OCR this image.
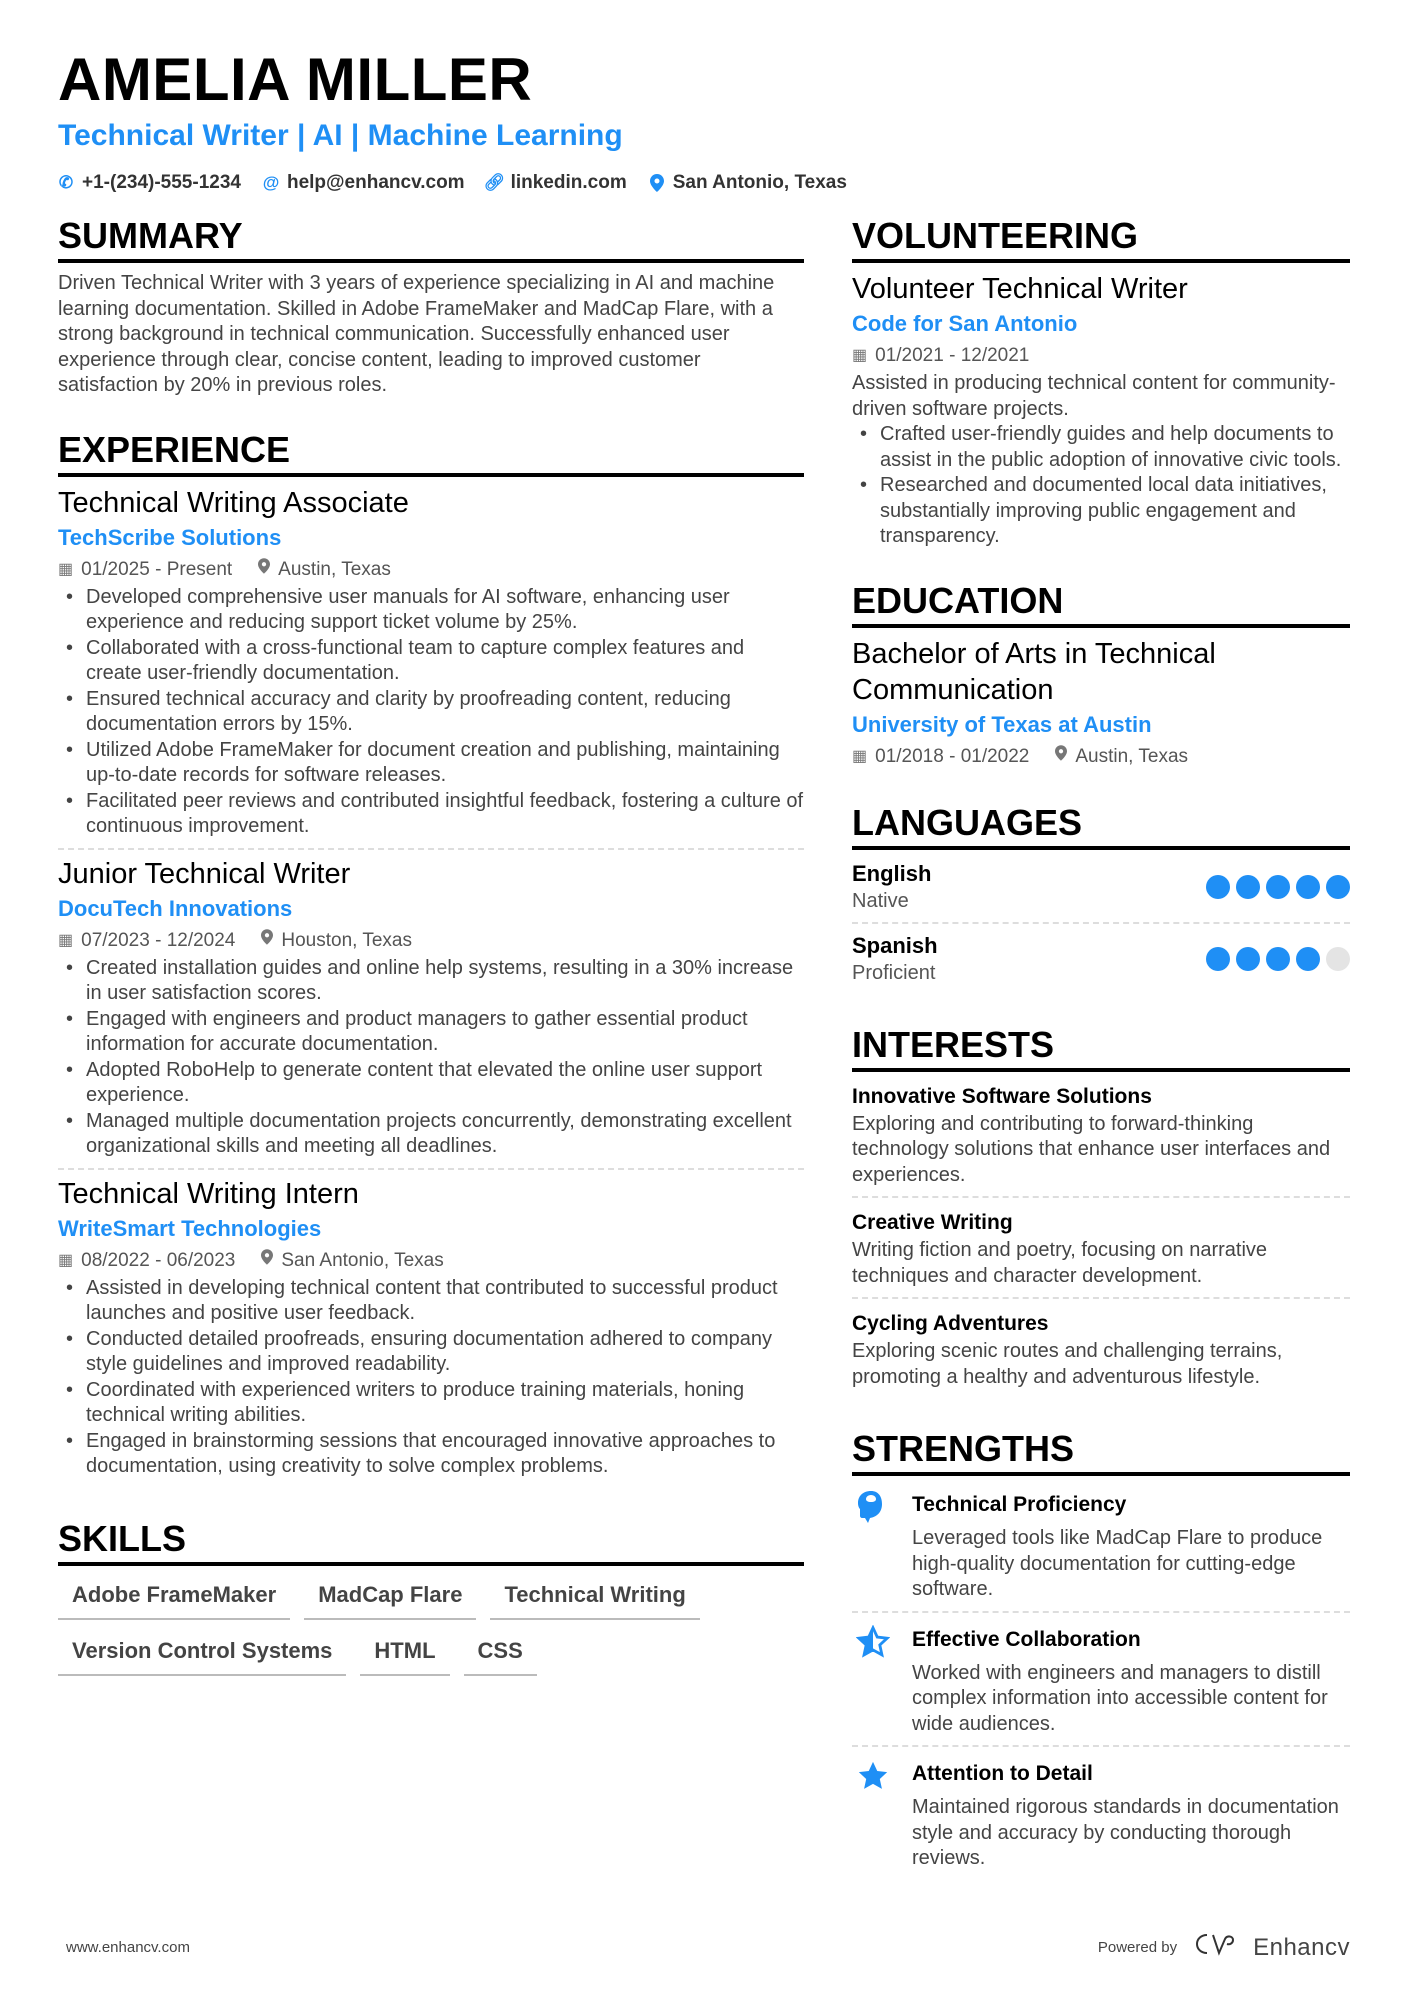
AMELIA MILLER
Technical Writer | AI | Machine Learning
✆ +1-(234)-555-1234 @ help@enhancv.com 🔗︎ linkedin.com San Antonio, Texas
SUMMARY
Driven Technical Writer with 3 years of experience specializing in AI and machine learning documentation. Skilled in Adobe FrameMaker and MadCap Flare, with a strong background in technical communication. Successfully enhanced user experience through clear, concise content, leading to improved customer satisfaction by 20% in previous roles.
EXPERIENCE
Technical Writing Associate
TechScribe Solutions
▦ 01/2025 - Present Austin, Texas
• Developed comprehensive user manuals for AI software, enhancing user experience and reducing support ticket volume by 25%.
• Collaborated with a cross-functional team to capture complex features and create user-friendly documentation.
• Ensured technical accuracy and clarity by proofreading content, reducing documentation errors by 15%.
• Utilized Adobe FrameMaker for document creation and publishing, maintaining up-to-date records for software releases.
• Facilitated peer reviews and contributed insightful feedback, fostering a culture of continuous improvement.
Junior Technical Writer
DocuTech Innovations
▦ 07/2023 - 12/2024 Houston, Texas
• Created installation guides and online help systems, resulting in a 30% increase in user satisfaction scores.
• Engaged with engineers and product managers to gather essential product information for accurate documentation.
• Adopted RoboHelp to generate content that elevated the online user support experience.
• Managed multiple documentation projects concurrently, demonstrating excellent organizational skills and meeting all deadlines.
Technical Writing Intern
WriteSmart Technologies
▦ 08/2022 - 06/2023 San Antonio, Texas
• Assisted in developing technical content that contributed to successful product launches and positive user feedback.
• Conducted detailed proofreads, ensuring documentation adhered to company style guidelines and improved readability.
• Coordinated with experienced writers to produce training materials, honing technical writing abilities.
• Engaged in brainstorming sessions that encouraged innovative approaches to documentation, using creativity to solve complex problems.
SKILLS
Adobe FrameMaker	MadCap Flare	Technical Writing
Version Control Systems	HTML	CSS
VOLUNTEERING
Volunteer Technical Writer
Code for San Antonio
▦ 01/2021 - 12/2021
Assisted in producing technical content for community-driven software projects.
• Crafted user-friendly guides and help documents to assist in the public adoption of innovative civic tools.
• Researched and documented local data initiatives, substantially improving public engagement and transparency.
EDUCATION
Bachelor of Arts in Technical Communication
University of Texas at Austin
▦ 01/2018 - 01/2022 Austin, Texas
LANGUAGES
English
Native
Spanish
Proficient
INTERESTS
Innovative Software Solutions
Exploring and contributing to forward-thinking technology solutions that enhance user interfaces and experiences.
Creative Writing
Writing fiction and poetry, focusing on narrative techniques and character development.
Cycling Adventures
Exploring scenic routes and challenging terrains, promoting a healthy and adventurous lifestyle.
STRENGTHS
Technical Proficiency
Leveraged tools like MadCap Flare to produce high-quality documentation for cutting-edge software.
Effective Collaboration
Worked with engineers and managers to distill complex information into accessible content for wide audiences.
Attention to Detail
Maintained rigorous standards in documentation style and accuracy by conducting thorough reviews.
www.enhancv.com	Powered by	Enhancv
